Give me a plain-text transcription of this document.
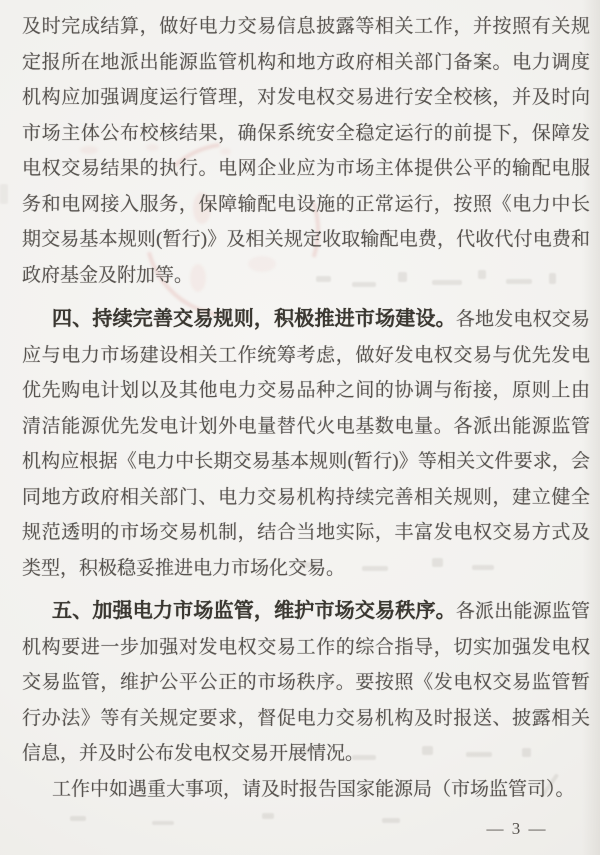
及时完成结算，做好电力交易信息披露等相关工作，并按照有关规
定报所在地派出能源监管机构和地方政府相关部门备案。电力调度
机构应加强调度运行管理，对发电权交易进行安全校核，并及时向
市场主体公布校核结果，确保系统安全稳定运行的前提下，保障发
电权交易结果的执行。电网企业应为市场主体提供公平的输配电服
务和电网接入服务，保障输配电设施的正常运行，按照《电力中长
期交易基本规则(暂行)》及相关规定收取输配电费，代收代付电费和
政府基金及附加等。
四、持续完善交易规则，积极推进市场建设。各地发电权交易
应与电力市场建设相关工作统筹考虑，做好发电权交易与优先发电
优先购电计划以及其他电力交易品种之间的协调与衔接，原则上由
清洁能源优先发电计划外电量替代火电基数电量。各派出能源监管
机构应根据《电力中长期交易基本规则(暂行)》等相关文件要求，会
同地方政府相关部门、电力交易机构持续完善相关规则，建立健全
规范透明的市场交易机制，结合当地实际，丰富发电权交易方式及
类型，积极稳妥推进电力市场化交易。
五、加强电力市场监管，维护市场交易秩序。各派出能源监管
机构要进一步加强对发电权交易工作的综合指导，切实加强发电权
交易监管，维护公平公正的市场秩序。要按照《发电权交易监管暂
行办法》等有关规定要求，督促电力交易机构及时报送、披露相关
信息，并及时公布发电权交易开展情况。
工作中如遇重大事项，请及时报告国家能源局（市场监管司）。
— 3 —
